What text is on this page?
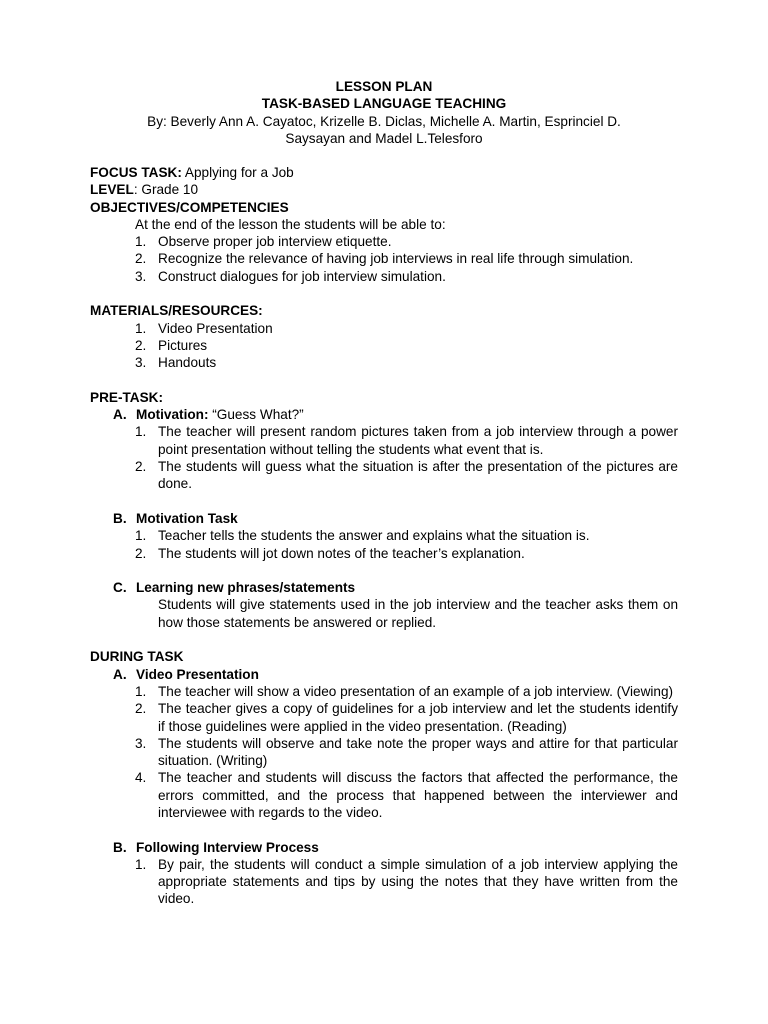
LESSON PLAN
TASK-BASED LANGUAGE TEACHING
By: Beverly Ann A. Cayatoc, Krizelle B. Diclas, Michelle A. Martin, Esprinciel D.
Saysayan and Madel L.Telesforo
FOCUS TASK: Applying for a Job
LEVEL: Grade 10
OBJECTIVES/COMPETENCIES
At the end of the lesson the students will be able to:
1. Observe proper job interview etiquette.
2. Recognize the relevance of having job interviews in real life through simulation.
3. Construct dialogues for job interview simulation.
MATERIALS/RESOURCES:
1. Video Presentation
2. Pictures
3. Handouts
PRE-TASK:
A. Motivation: “Guess What?”
1. The teacher will present random pictures taken from a job interview through a power point presentation without telling the students what event that is.
2. The students will guess what the situation is after the presentation of the pictures are done.
B. Motivation Task
1. Teacher tells the students the answer and explains what the situation is.
2. The students will jot down notes of the teacher’s explanation.
C. Learning new phrases/statements
Students will give statements used in the job interview and the teacher asks them on how those statements be answered or replied.
DURING TASK
A. Video Presentation
1. The teacher will show a video presentation of an example of a job interview. (Viewing)
2. The teacher gives a copy of guidelines for a job interview and let the students identify if those guidelines were applied in the video presentation. (Reading)
3. The students will observe and take note the proper ways and attire for that particular situation. (Writing)
4. The teacher and students will discuss the factors that affected the performance, the errors committed, and the process that happened between the interviewer and interviewee with regards to the video.
B. Following Interview Process
1. By pair, the students will conduct a simple simulation of a job interview applying the appropriate statements and tips by using the notes that they have written from the video.
